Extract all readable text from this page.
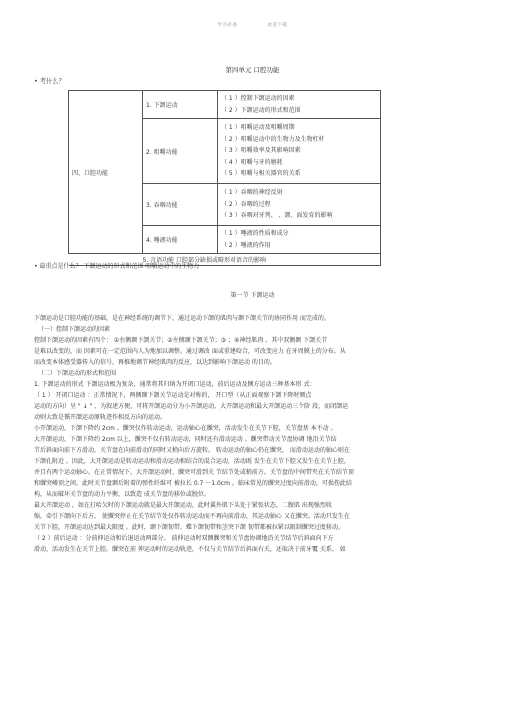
学习必备	欢迎下载
第四单元 口腔功能
• 考什么？
四、口腔功能	1. 下颌运动	（ 1 ）控制下颌运动的因素
（ 2 ）下颌运动的形式和范围

	2. 咀嚼功能	（ 1 ）咀嚼运动及咀嚼周期
（ 2 ）咀嚼运动中的生物力及生物杠杆
（ 3 ）咀嚼效率及其影响因素
（ 4 ）咀嚼与牙的磨耗
（ 5 ）咀嚼与相关器官的关系

	3. 吞咽功能	（ 1 ）吞咽的神经反射
（ 2 ）吞咽的过程
（ 3 ）吞咽对牙列、 、颌、面发育的影响

	4. 唾液功能	（ 1 ）唾液的性质和成分
（ 2 ）唾液的作用

5. 言语功能 口腔部分缺损或畸形对语音的影响		
• 最重点是什么？ 下颌运动的形式和范围 咀嚼运动中的生物力
第一节 下颌运动
下颌运动是口腔功能的基础，是在神经系统的调节下，通过运动下颌的肌肉与颞下颌关节的协同作用 而完成的。
（一）控制下颌运动的因素
控制下颌运动的因素有四个： ①右侧颞下颌关节；②左侧颞下颌关节；③ ；④神经肌肉 。其中双侧颞 下颌关节
是难以改变的，而 因素可在一定范围内人为地加以调整。通过调改 面或重建咬合，可改变应力 在牙周膜上的分布。从
而改变本体感受器传入的信号，再推地调节神经肌肉的反应，以达到影响下颌运动 的目的。
（二）下颌运动的形式和范围
1. 下颌运动的形式 下颌运动极为复杂，通常将其归纳为开闭口运动，前后运动及侧方运动三种基本形 式：
（ 1 ） 开闭口运动 ：正常情况下，两侧颞下颌关节运动是对称的， 开口型（从正面观察下颌下降时颏点
运动的方向）呈 " ↓ " ，为叙述方便，可将开颌运动分为小开颌运动，大开颌运动和最大开颌运动三个阶 段，而闭颌运
动则大致是循开颌运动原轨迹作相反方向的运动。
小开颌运动，下颌下降约 2cm 。髁突仅作转动运动，运动轴心在髁突，活动发生在关节下腔，关节盘基 本不动 。
大开颌运动，下颌下降约 2cm 以上，髁突不仅有转动运动，同时还有滑动运动 。髁突带动关节盘协调 地沿关节结
节后斜面向前下方滑动，关节盘在向前滑动的同时又稍向后方旋转。 转动运动的轴心仍在髁突， 而滑动运动的轴心则在
下颌孔附近 。因此，大开颌运动是转动运动和滑动运动相结合的混合运动，活动既 发生在关节下腔又发生在关节上腔，
并且有两个运动轴心。在正常情况下，大开颌运动时，髁突可滑到关 节结节处或稍前方。关节盘的中间带夹在关节结节顶
和髁突嵴顶之间，此时关节盘颞后附着的弹性纤维可 被拉长 0.7 ～1.0cm 。临床常见的髁突过度向前滑动，可损伤此结
构，从而破坏关节盘的动力平衡，以致造 成关节盘的移位或脱位。
最大开颌运动 ，如在打哈欠时的下颌运动就是最大开颌运动，此时翼外肌下头处于紧张状态，二腹肌 出现强烈收
缩，牵引下颌向下后方， 使髁突停止在关节结节处仅作转动运动而不再向前滑动，其运动轴心 又在髁突。活动只发生在
关节下腔，开颌运动达到最大限度 。此时，颞下颌韧带、蝶下颌韧带和茎突下颌 韧带都被拉紧以限制髁突过度移动。
（ 2 ）前后运动 ：分前伸运动和后退运动两部分。 前伸运动时双侧髁突和关节盘协调地沿关节结节后斜面向下方
滑动，活动发生在关节上腔。髁突在前 伸运动时的运动轨迹，不仅与关节结节后斜面有关，还取决于前牙覆 关系。 如
